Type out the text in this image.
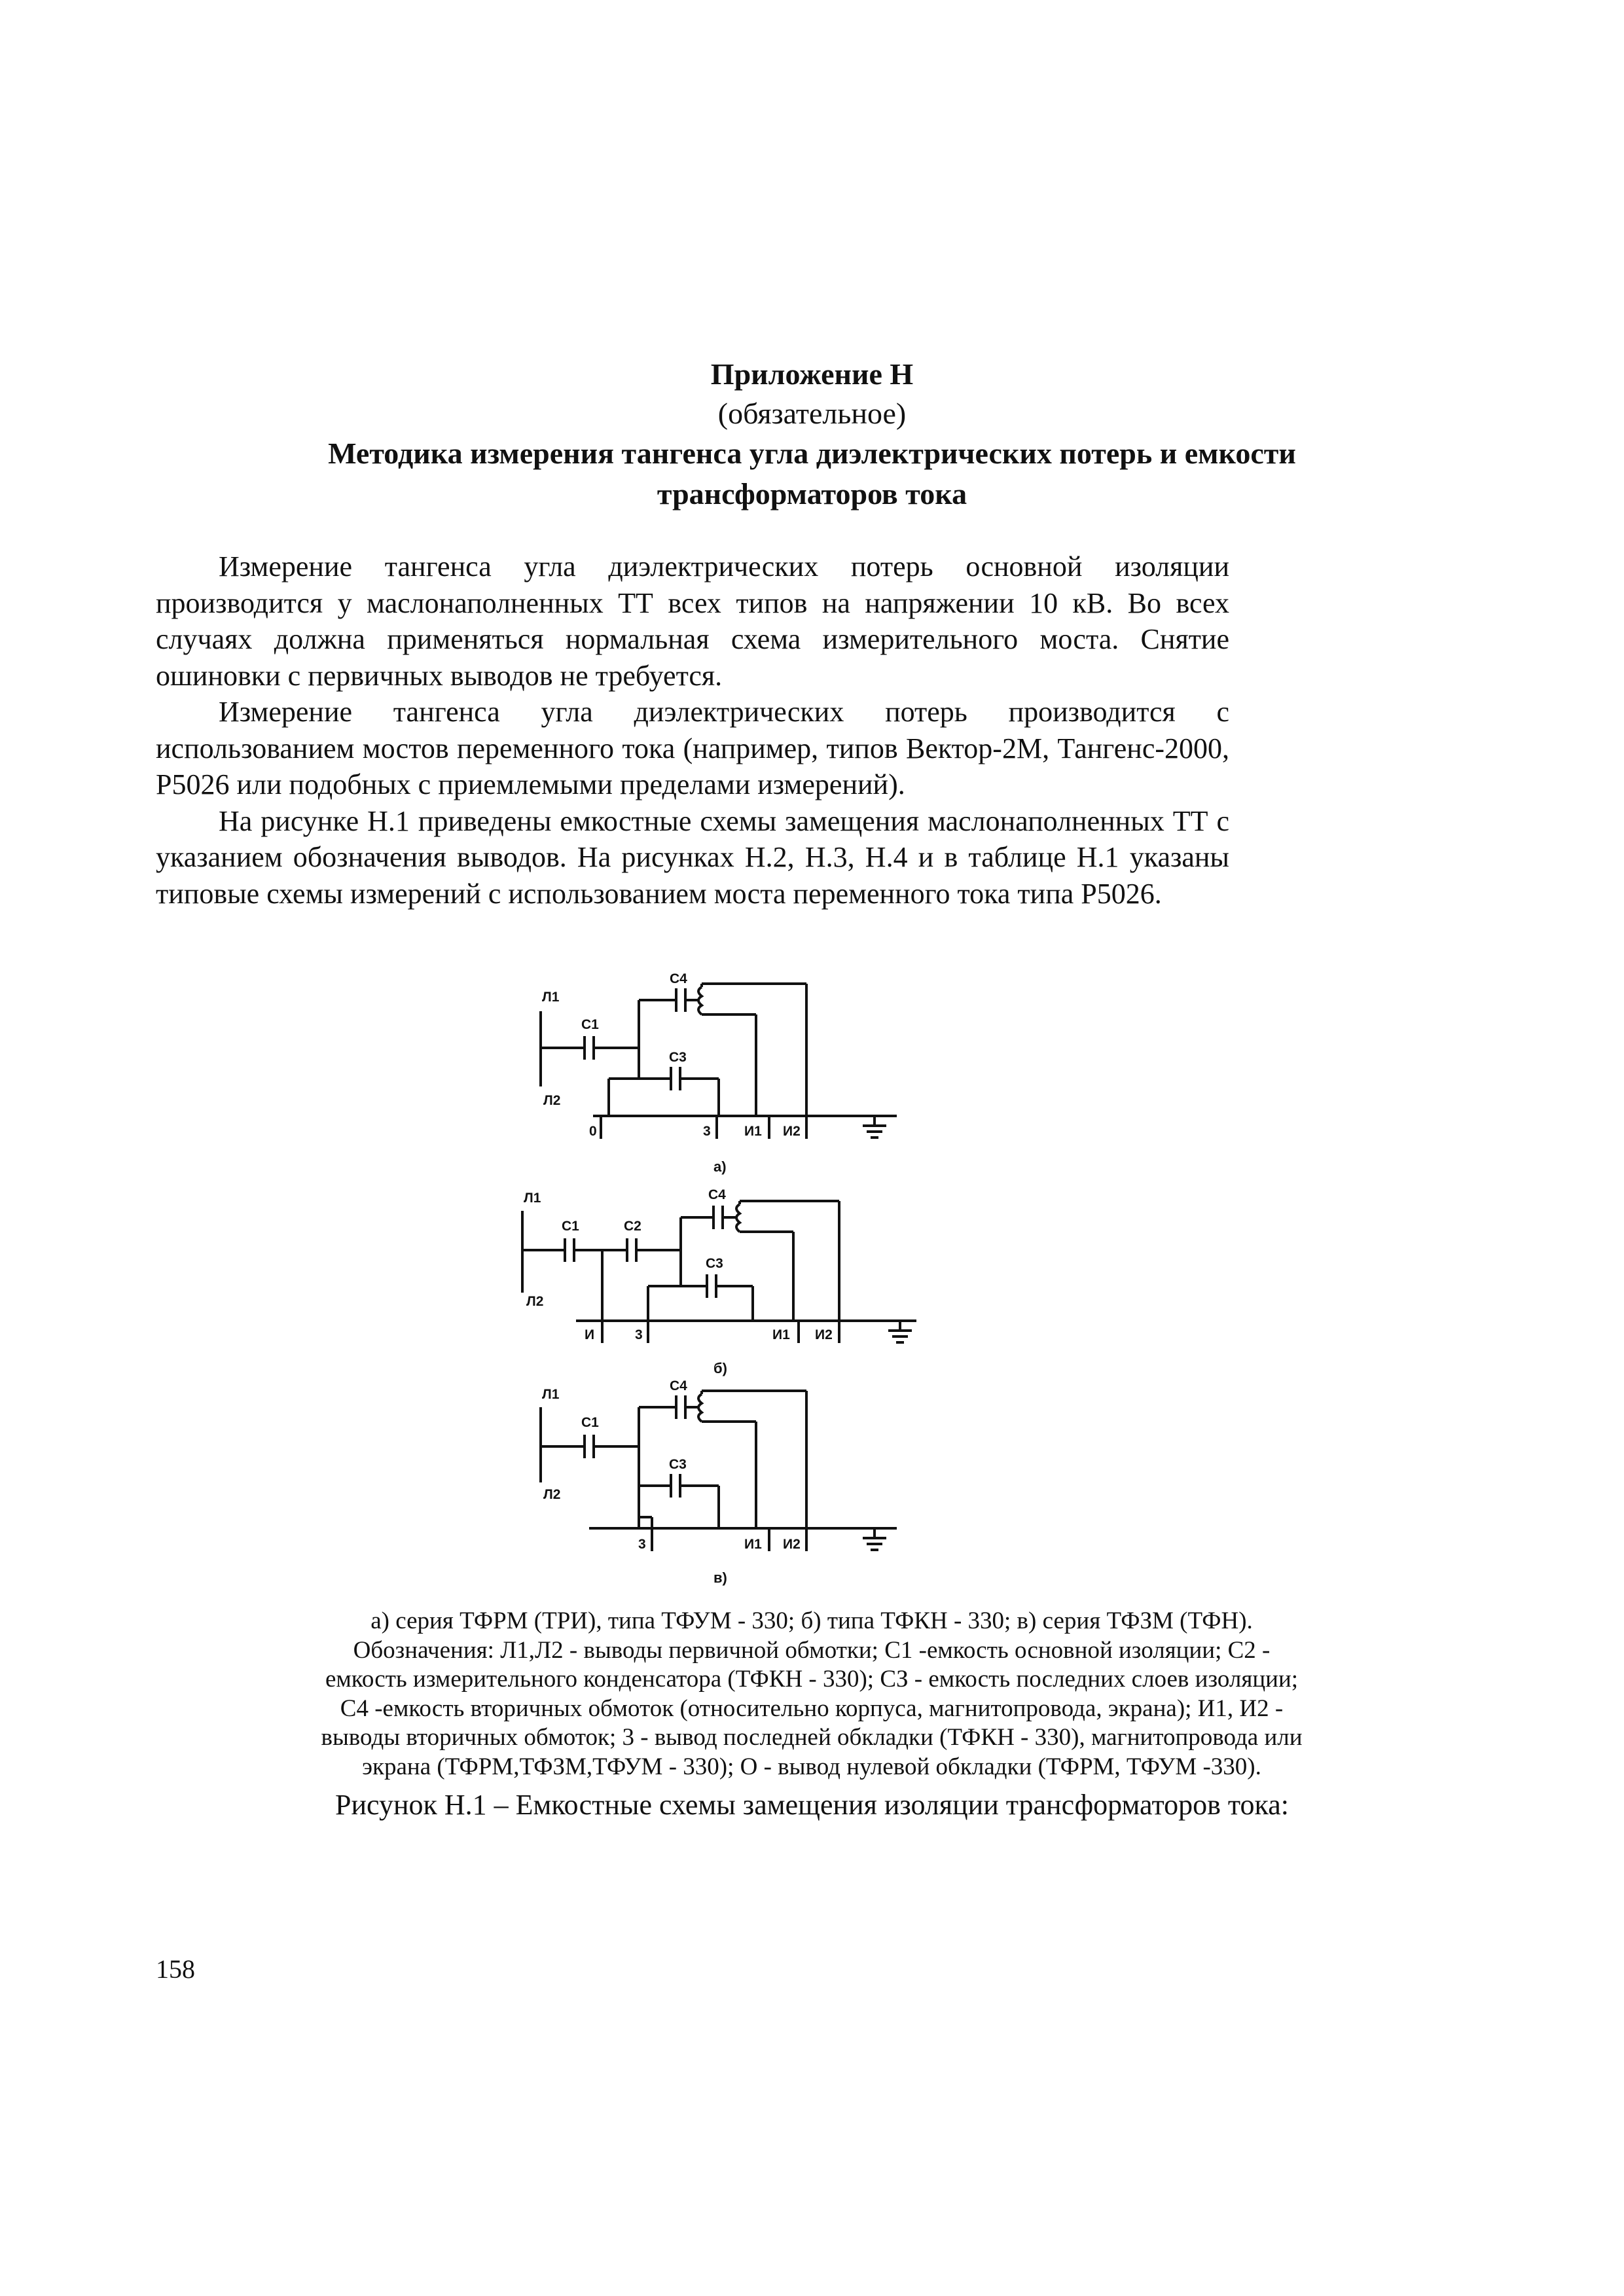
Приложение Н
(обязательное)
Методика измерения тангенса угла диэлектрических потерь и емкости трансформаторов тока

Измерение тангенса угла диэлектрических потерь основной изоляции производится у маслонаполненных ТТ всех типов на напряжении 10 кВ. Во всех случаях должна применяться нормальная схема измерительного моста. Снятие ошиновки с первичных выводов не требуется.

Измерение тангенса угла диэлектрических потерь производится с использованием мостов переменного тока (например, типов Вектор-2М, Тангенс-2000, Р5026 или подобных с приемлемыми пределами измерений).

На рисунке Н.1 приведены емкостные схемы замещения маслонаполненных ТТ с указанием обозначения выводов. На рисунках Н.2, Н.3, Н.4 и в таблице Н.1 указаны типовые схемы измерений с использованием моста переменного тока типа Р5026.

Л1
Л2
С1
С4
С3
0	3 И1 И2
а)
Л1
Л2
С1	С2
С4
С3
И	3	И1 И2
б)
Л1
Л2
С1
С4
С3
3	И1 И2
в)
а) серия ТФРМ (ТРИ), типа ТФУМ - 330; б) типа ТФКН - 330; в) серия ТФЗМ (ТФН).
Обозначения: Л1,Л2 - выводы первичной обмотки; С1 -емкость основной изоляции; С2 -
емкость измерительного конденсатора (ТФКН - 330); СЗ - емкость последних слоев изоляции;
С4 -емкость вторичных обмоток (относительно корпуса, магнитопровода, экрана); И1, И2 -
выводы вторичных обмоток; 3 - вывод последней обкладки (ТФКН - 330), магнитопровода или
экрана (ТФРМ,ТФЗМ,ТФУМ - 330); О - вывод нулевой обкладки (ТФРМ, ТФУМ -330).
Рисунок Н.1 – Емкостные схемы замещения изоляции трансформаторов тока:
158
